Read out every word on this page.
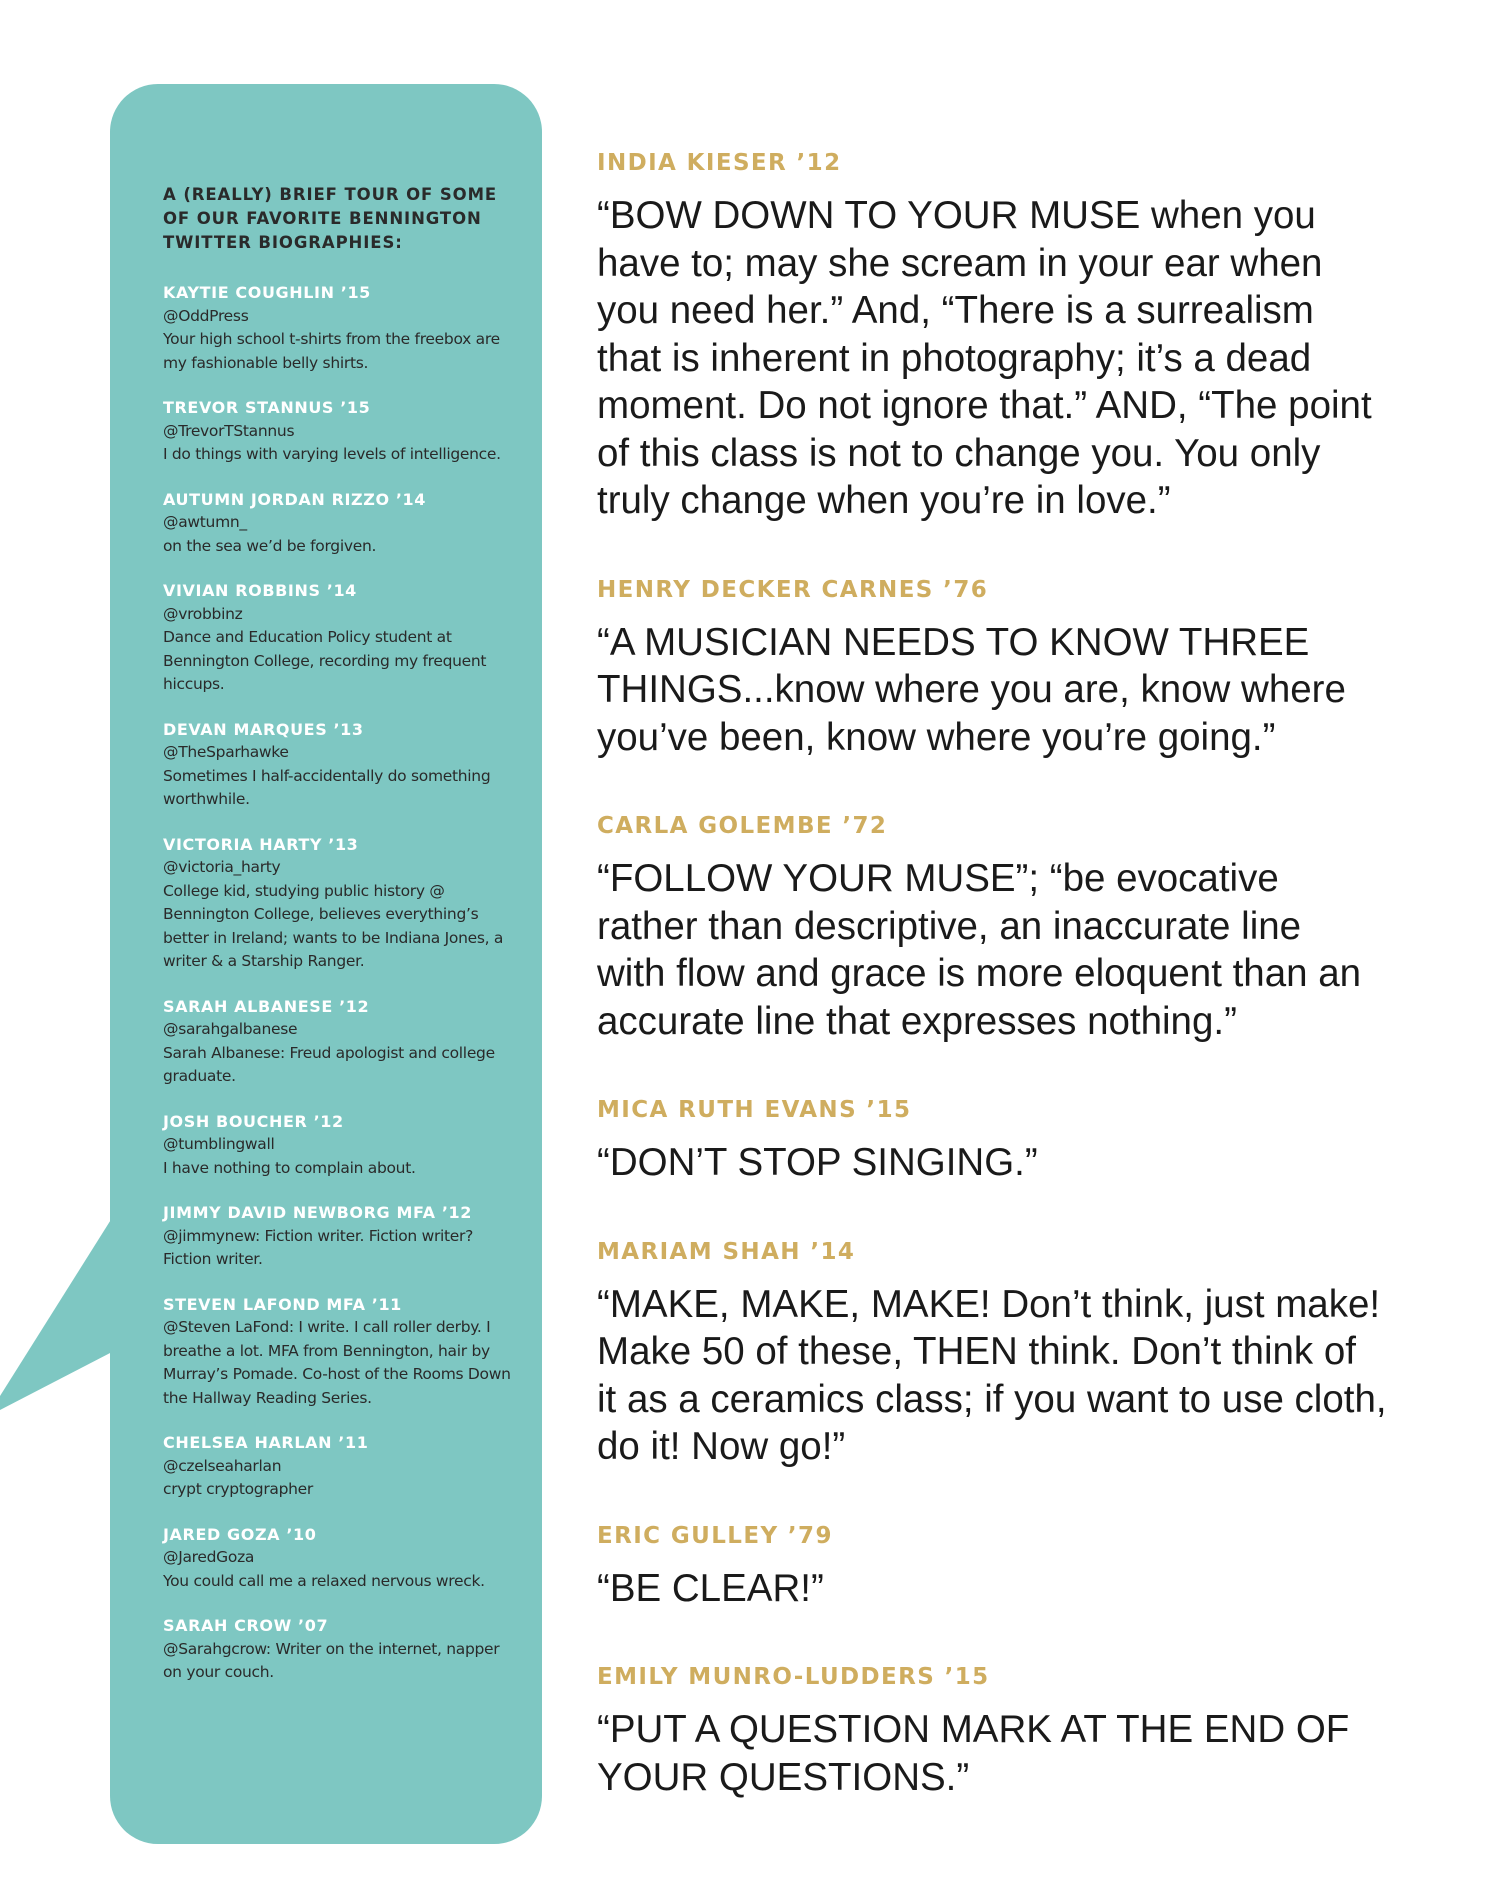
A (REALLY) BRIEF TOUR OF SOME
OF OUR FAVORITE BENNINGTON
TWITTER BIOGRAPHIES:
KAYTIE COUGHLIN ’15
@OddPress
Your high school t-shirts from the freebox are my fashionable belly shirts.
TREVOR STANNUS ’15
@TrevorTStannus
I do things with varying levels of intelligence.
AUTUMN JORDAN RIZZO ’14
@awtumn_
on the sea we’d be forgiven.
VIVIAN ROBBINS ’14
@vrobbinz
Dance and Education Policy student at Bennington College, recording my frequent hiccups.
DEVAN MARQUES ’13
@TheSparhawke
Sometimes I half-accidentally do something worthwhile.
VICTORIA HARTY ’13
@victoria_harty
College kid, studying public history @ Bennington College, believes everything’s better in Ireland; wants to be Indiana Jones, a writer & a Starship Ranger.
SARAH ALBANESE ’12
@sarahgalbanese
Sarah Albanese: Freud apologist and college graduate.
JOSH BOUCHER ’12
@tumblingwall
I have nothing to complain about.
JIMMY DAVID NEWBORG MFA ’12
@jimmynew: Fiction writer. Fiction writer? Fiction writer.
STEVEN LAFOND MFA ’11
@Steven LaFond: I write. I call roller derby. I breathe a lot. MFA from Bennington, hair by Murray’s Pomade. Co-host of the Rooms Down the Hallway Reading Series.
CHELSEA HARLAN ’11
@czelseaharlan
crypt cryptographer
JARED GOZA ’10
@JaredGoza
You could call me a relaxed nervous wreck.
SARAH CROW ’07
@Sarahgcrow: Writer on the internet, napper on your couch.
INDIA KIESER ’12
“BOW DOWN TO YOUR MUSE when you
have to; may she scream in your ear when
you need her.” And, “There is a surrealism
that is inherent in photography; it’s a dead
moment. Do not ignore that.” AND, “The point
of this class is not to change you. You only
truly change when you’re in love.”
HENRY DECKER CARNES ’76
“A MUSICIAN NEEDS TO KNOW THREE
THINGS...know where you are, know where
you’ve been, know where you’re going.”
CARLA GOLEMBE ’72
“FOLLOW YOUR MUSE”; “be evocative
rather than descriptive, an inaccurate line
with flow and grace is more eloquent than an
accurate line that expresses nothing.”
MICA RUTH EVANS ’15
“DON’T STOP SINGING.”
MARIAM SHAH ’14
“MAKE, MAKE, MAKE! Don’t think, just make!
Make 50 of these, THEN think. Don’t think of
it as a ceramics class; if you want to use cloth,
do it! Now go!”
ERIC GULLEY ’79
“BE CLEAR!”
EMILY MUNRO-LUDDERS ’15
“PUT A QUESTION MARK AT THE END OF
YOUR QUESTIONS.”
